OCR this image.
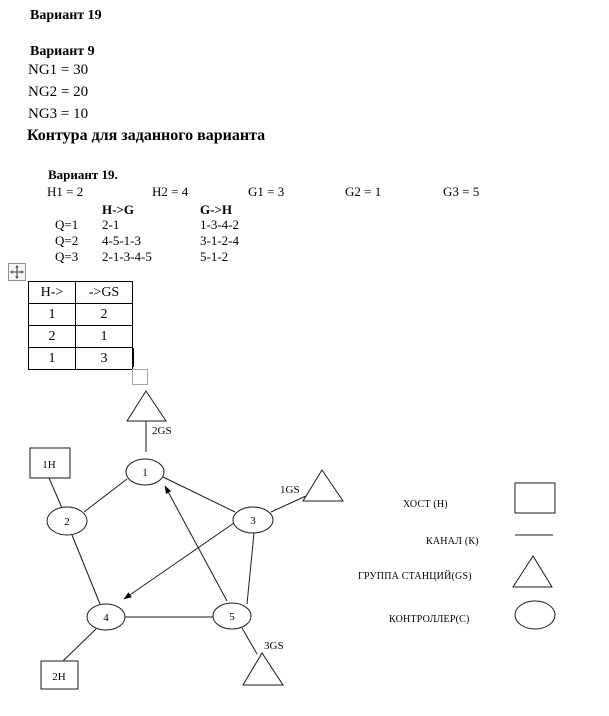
Вариант 19
Вариант 9
NG1 = 30
NG2 = 20
NG3 = 10
Контура для заданного варианта
Вариант 19.
H1 = 2	H2 = 4	G1 = 3	G2 = 1	G3 = 5
H->G	G->H
Q=1 2-1	1-3-4-2
Q=2 4-5-1-3	3-1-2-4
Q=3 2-1-3-4-5	5-1-2
H->	->GS
1	2
2	1
1	3
2GS
1GS
3GS
1H
2H
1
2	3
4	5
ХОСТ (Н)
КАНАЛ (К)
ГРУППА СТАНЦИЙ(GS)
КОНТРОЛЛЕР(С)
